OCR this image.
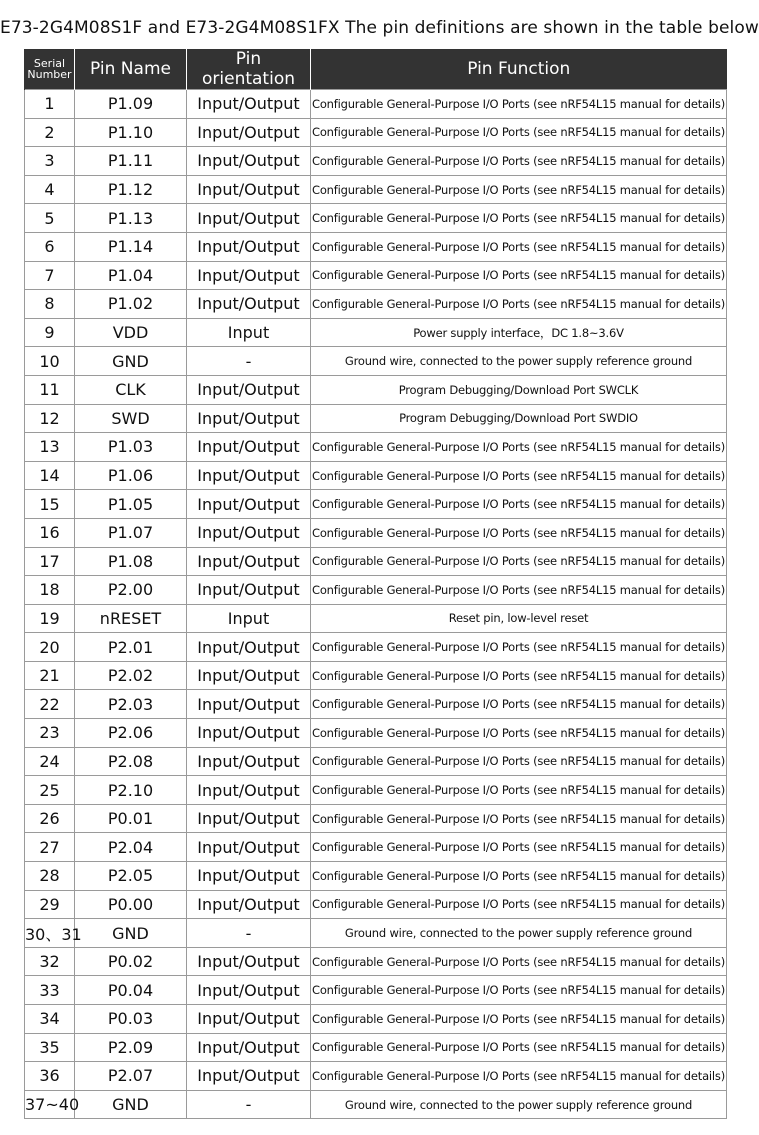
E73-2G4M08S1F and E73-2G4M08S1FX The pin definitions are shown in the table below
Serial
Number	Pin Name	Pin orientation	Pin Function
1	P1.09	Input/Output	Configurable General-Purpose I/O Ports (see nRF54L15 manual for details)
2	P1.10	Input/Output	Configurable General-Purpose I/O Ports (see nRF54L15 manual for details)
3	P1.11	Input/Output	Configurable General-Purpose I/O Ports (see nRF54L15 manual for details)
4	P1.12	Input/Output	Configurable General-Purpose I/O Ports (see nRF54L15 manual for details)
5	P1.13	Input/Output	Configurable General-Purpose I/O Ports (see nRF54L15 manual for details)
6	P1.14	Input/Output	Configurable General-Purpose I/O Ports (see nRF54L15 manual for details)
7	P1.04	Input/Output	Configurable General-Purpose I/O Ports (see nRF54L15 manual for details)
8	P1.02	Input/Output	Configurable General-Purpose I/O Ports (see nRF54L15 manual for details)
9	VDD	Input	Power supply interface，DC 1.8~3.6V
10	GND	-	Ground wire, connected to the power supply reference ground
11	CLK	Input/Output	Program Debugging/Download Port SWCLK
12	SWD	Input/Output	Program Debugging/Download Port SWDIO
13	P1.03	Input/Output	Configurable General-Purpose I/O Ports (see nRF54L15 manual for details)
14	P1.06	Input/Output	Configurable General-Purpose I/O Ports (see nRF54L15 manual for details)
15	P1.05	Input/Output	Configurable General-Purpose I/O Ports (see nRF54L15 manual for details)
16	P1.07	Input/Output	Configurable General-Purpose I/O Ports (see nRF54L15 manual for details)
17	P1.08	Input/Output	Configurable General-Purpose I/O Ports (see nRF54L15 manual for details)
18	P2.00	Input/Output	Configurable General-Purpose I/O Ports (see nRF54L15 manual for details)
19	nRESET	Input	Reset pin, low-level reset
20	P2.01	Input/Output	Configurable General-Purpose I/O Ports (see nRF54L15 manual for details)
21	P2.02	Input/Output	Configurable General-Purpose I/O Ports (see nRF54L15 manual for details)
22	P2.03	Input/Output	Configurable General-Purpose I/O Ports (see nRF54L15 manual for details)
23	P2.06	Input/Output	Configurable General-Purpose I/O Ports (see nRF54L15 manual for details)
24	P2.08	Input/Output	Configurable General-Purpose I/O Ports (see nRF54L15 manual for details)
25	P2.10	Input/Output	Configurable General-Purpose I/O Ports (see nRF54L15 manual for details)
26	P0.01	Input/Output	Configurable General-Purpose I/O Ports (see nRF54L15 manual for details)
27	P2.04	Input/Output	Configurable General-Purpose I/O Ports (see nRF54L15 manual for details)
28	P2.05	Input/Output	Configurable General-Purpose I/O Ports (see nRF54L15 manual for details)
29	P0.00	Input/Output	Configurable General-Purpose I/O Ports (see nRF54L15 manual for details)
30、31	GND	-	Ground wire, connected to the power supply reference ground
32	P0.02	Input/Output	Configurable General-Purpose I/O Ports (see nRF54L15 manual for details)
33	P0.04	Input/Output	Configurable General-Purpose I/O Ports (see nRF54L15 manual for details)
34	P0.03	Input/Output	Configurable General-Purpose I/O Ports (see nRF54L15 manual for details)
35	P2.09	Input/Output	Configurable General-Purpose I/O Ports (see nRF54L15 manual for details)
36	P2.07	Input/Output	Configurable General-Purpose I/O Ports (see nRF54L15 manual for details)
37~40	GND	-	Ground wire, connected to the power supply reference ground
